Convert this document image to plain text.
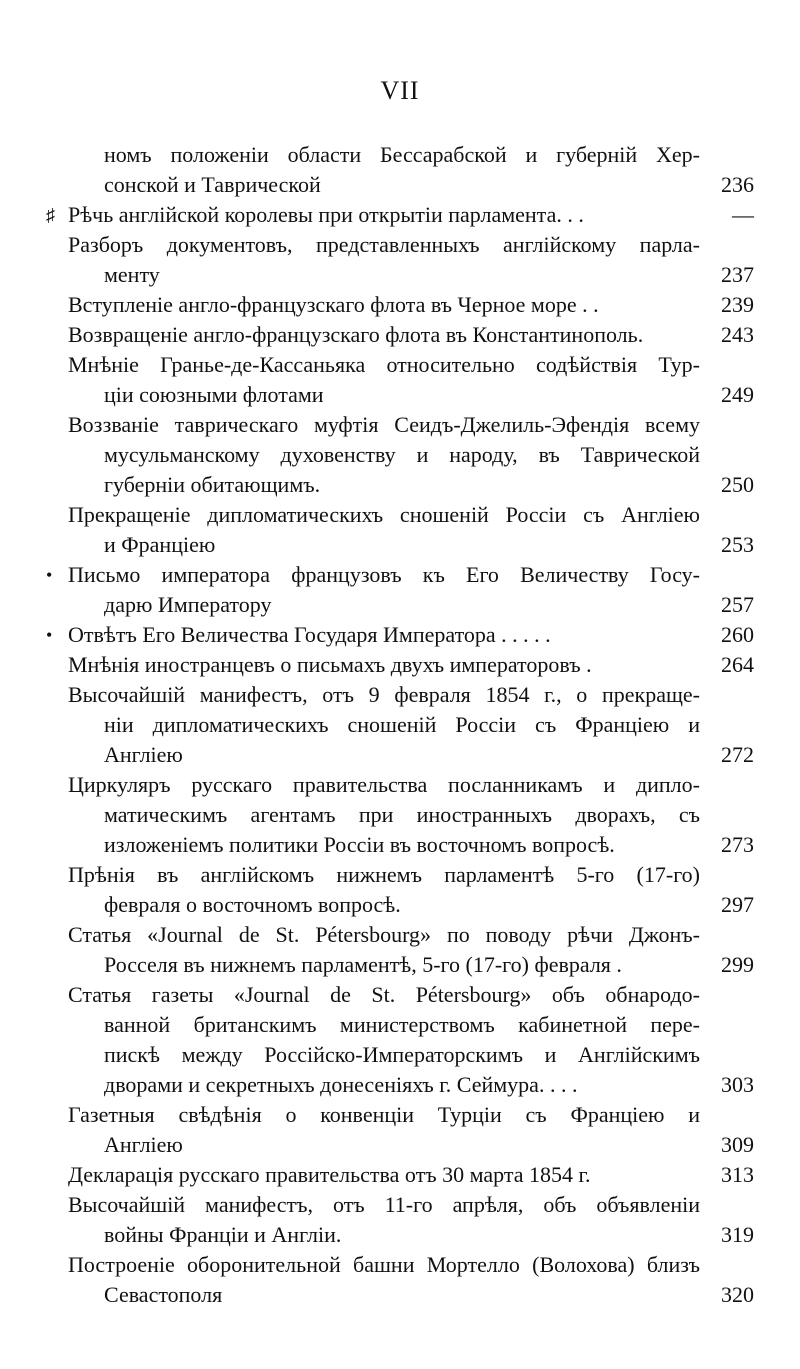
VII
номъ положенiи области Бессарабской и губернiй Хер-
сонской и Таврической	236
Рѣчь англiйской королевы при открытiи парламента. . .	—
♯
Разборъ документовъ, представленныхъ англiйскому парла-
менту	237
Вступленiе англо-французскаго флота въ Черное море . .	239
Возвращенiе англо-французскаго флота въ Константинополь.	243
Мнѣнiе Гранье-де-Кассаньяка относительно содѣйствiя Тур-
цiи союзными флотами	249
Воззванiе таврическаго муфтiя Сеидъ-Джелиль-Эфендiя всему
мусульманскому духовенству и народу, въ Таврической
губернiи обитающимъ.	250
Прекращенiе дипломатическихъ сношенiй Россiи съ Англiею
и Францiею	253
Письмо императора французовъ къ Его Величеству Госу-
•
дарю Императору	257
Отвѣтъ Его Величества Государя Императора . . . . .	260
•
Мнѣнiя иностранцевъ о письмахъ двухъ императоровъ .	264
Высочайшiй манифестъ, отъ 9 февраля 1854 г., о прекраще-
нiи дипломатическихъ сношенiй Россiи съ Францiею и
Англiею	272
Циркуляръ русскаго правительства посланникамъ и дипло-
матическимъ агентамъ при иностранныхъ дворахъ, съ
изложенiемъ политики Россiи въ восточномъ вопросѣ.	273
Прѣнiя въ англiйскомъ нижнемъ парламентѣ 5-го (17-го)
февраля о восточномъ вопросѣ.	297
Статья «Journal de St. Pétersbourg» по поводу рѣчи Джонъ-
Росселя въ нижнемъ парламентѣ, 5-го (17-го) февраля .	299
Статья газеты «Journal de St. Pétersbourg» объ обнародо-
ванной британскимъ министерствомъ кабинетной пере-
пискѣ между Россiйско-Императорскимъ и Англiйскимъ
дворами и секретныхъ донесенiяхъ г. Сеймура. . . .	303
Газетныя свѣдѣнiя о конвенцiи Турцiи съ Францiею и
Англiею	309
Декларацiя русскаго правительства отъ 30 марта 1854 г.	313
Высочайшiй манифестъ, отъ 11-го апрѣля, объ объявленiи
войны Францiи и Англiи.	319
Построенiе оборонительной башни Мортелло (Волохова) близъ
Севастополя	320
